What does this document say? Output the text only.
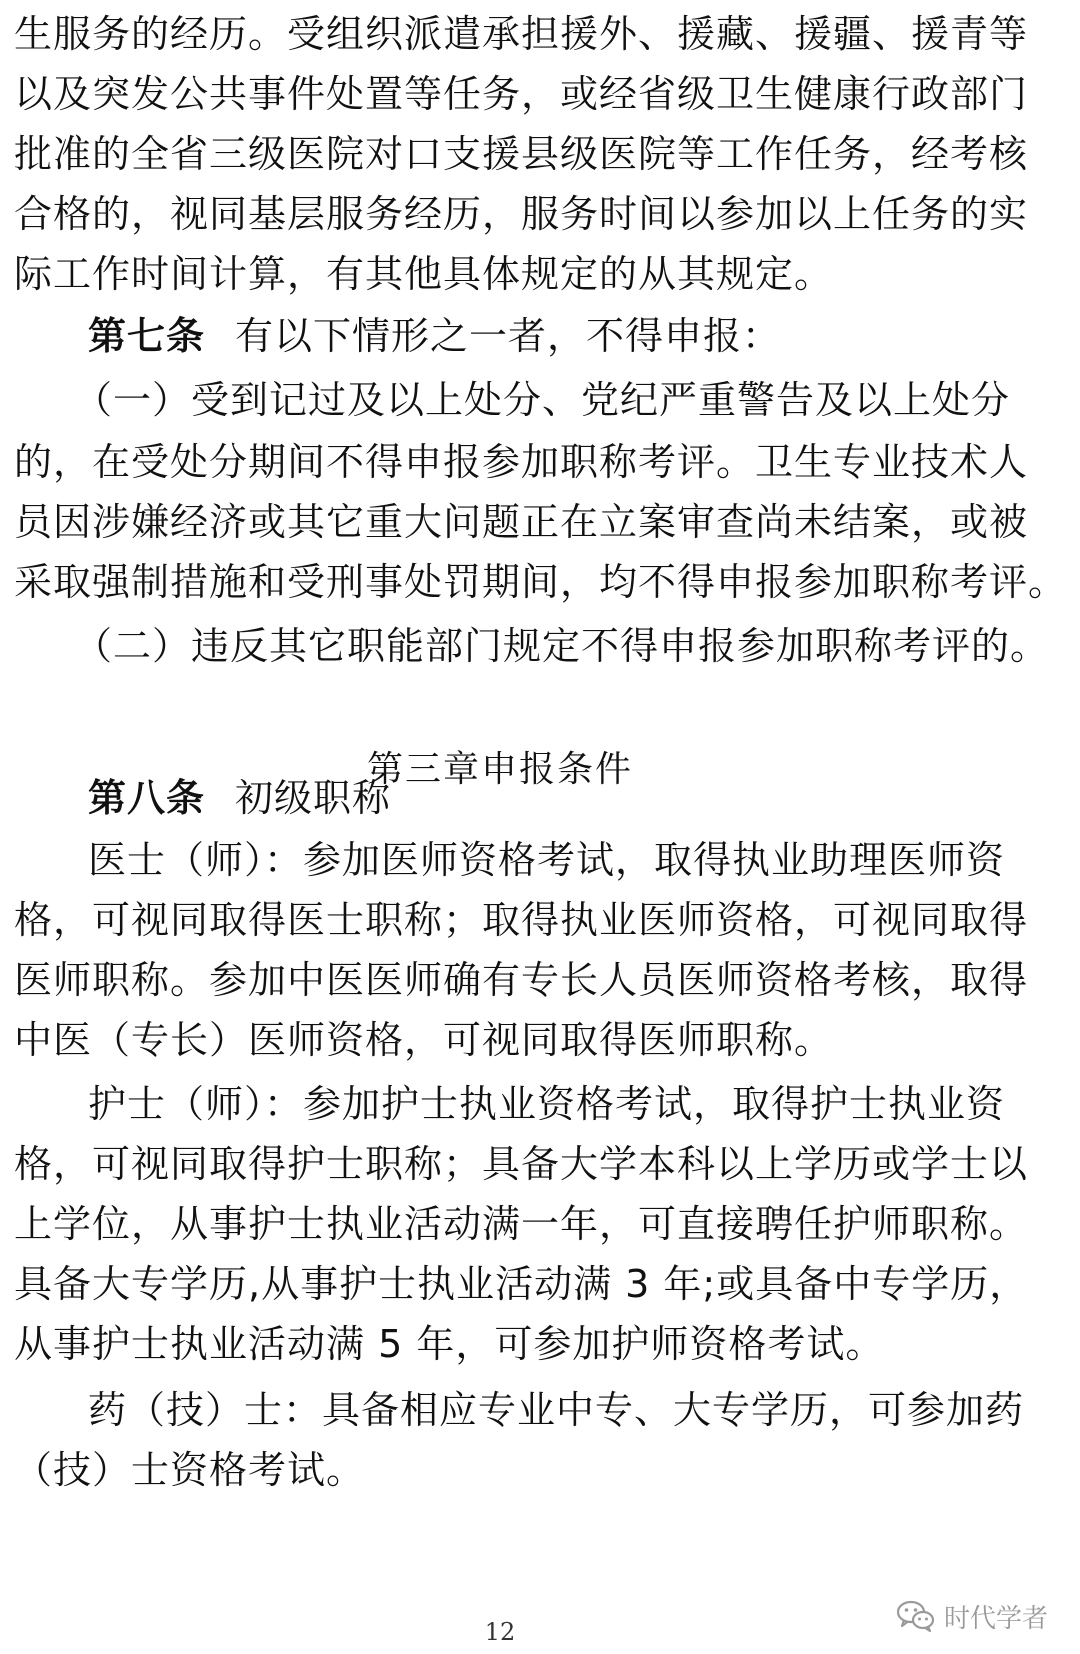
生服务的经历。受组织派遣承担援外、援藏、援疆、援青等
以及突发公共事件处置等任务，或经省级卫生健康行政部门
批准的全省三级医院对口支援县级医院等工作任务，经考核
合格的，视同基层服务经历，服务时间以参加以上任务的实
际工作时间计算，有其他具体规定的从其规定。
第七条 有以下情形之一者，不得申报：
（一）受到记过及以上处分、党纪严重警告及以上处分
的，在受处分期间不得申报参加职称考评。卫生专业技术人
员因涉嫌经济或其它重大问题正在立案审查尚未结案，或被
采取强制措施和受刑事处罚期间，均不得申报参加职称考评。
（二）违反其它职能部门规定不得申报参加职称考评的。
第三章申报条件
第八条 初级职称
医士（师）：参加医师资格考试，取得执业助理医师资
格，可视同取得医士职称；取得执业医师资格，可视同取得
医师职称。参加中医医师确有专长人员医师资格考核，取得
中医（专长）医师资格，可视同取得医师职称。
护士（师）：参加护士执业资格考试，取得护士执业资
格，可视同取得护士职称；具备大学本科以上学历或学士以
上学位，从事护士执业活动满一年，可直接聘任护师职称。
具备大专学历,从事护士执业活动满 3 年;或具备中专学历，
从事护士执业活动满 5 年，可参加护师资格考试。
药（技）士：具备相应专业中专、大专学历，可参加药
（技）士资格考试。
12	时代学者
